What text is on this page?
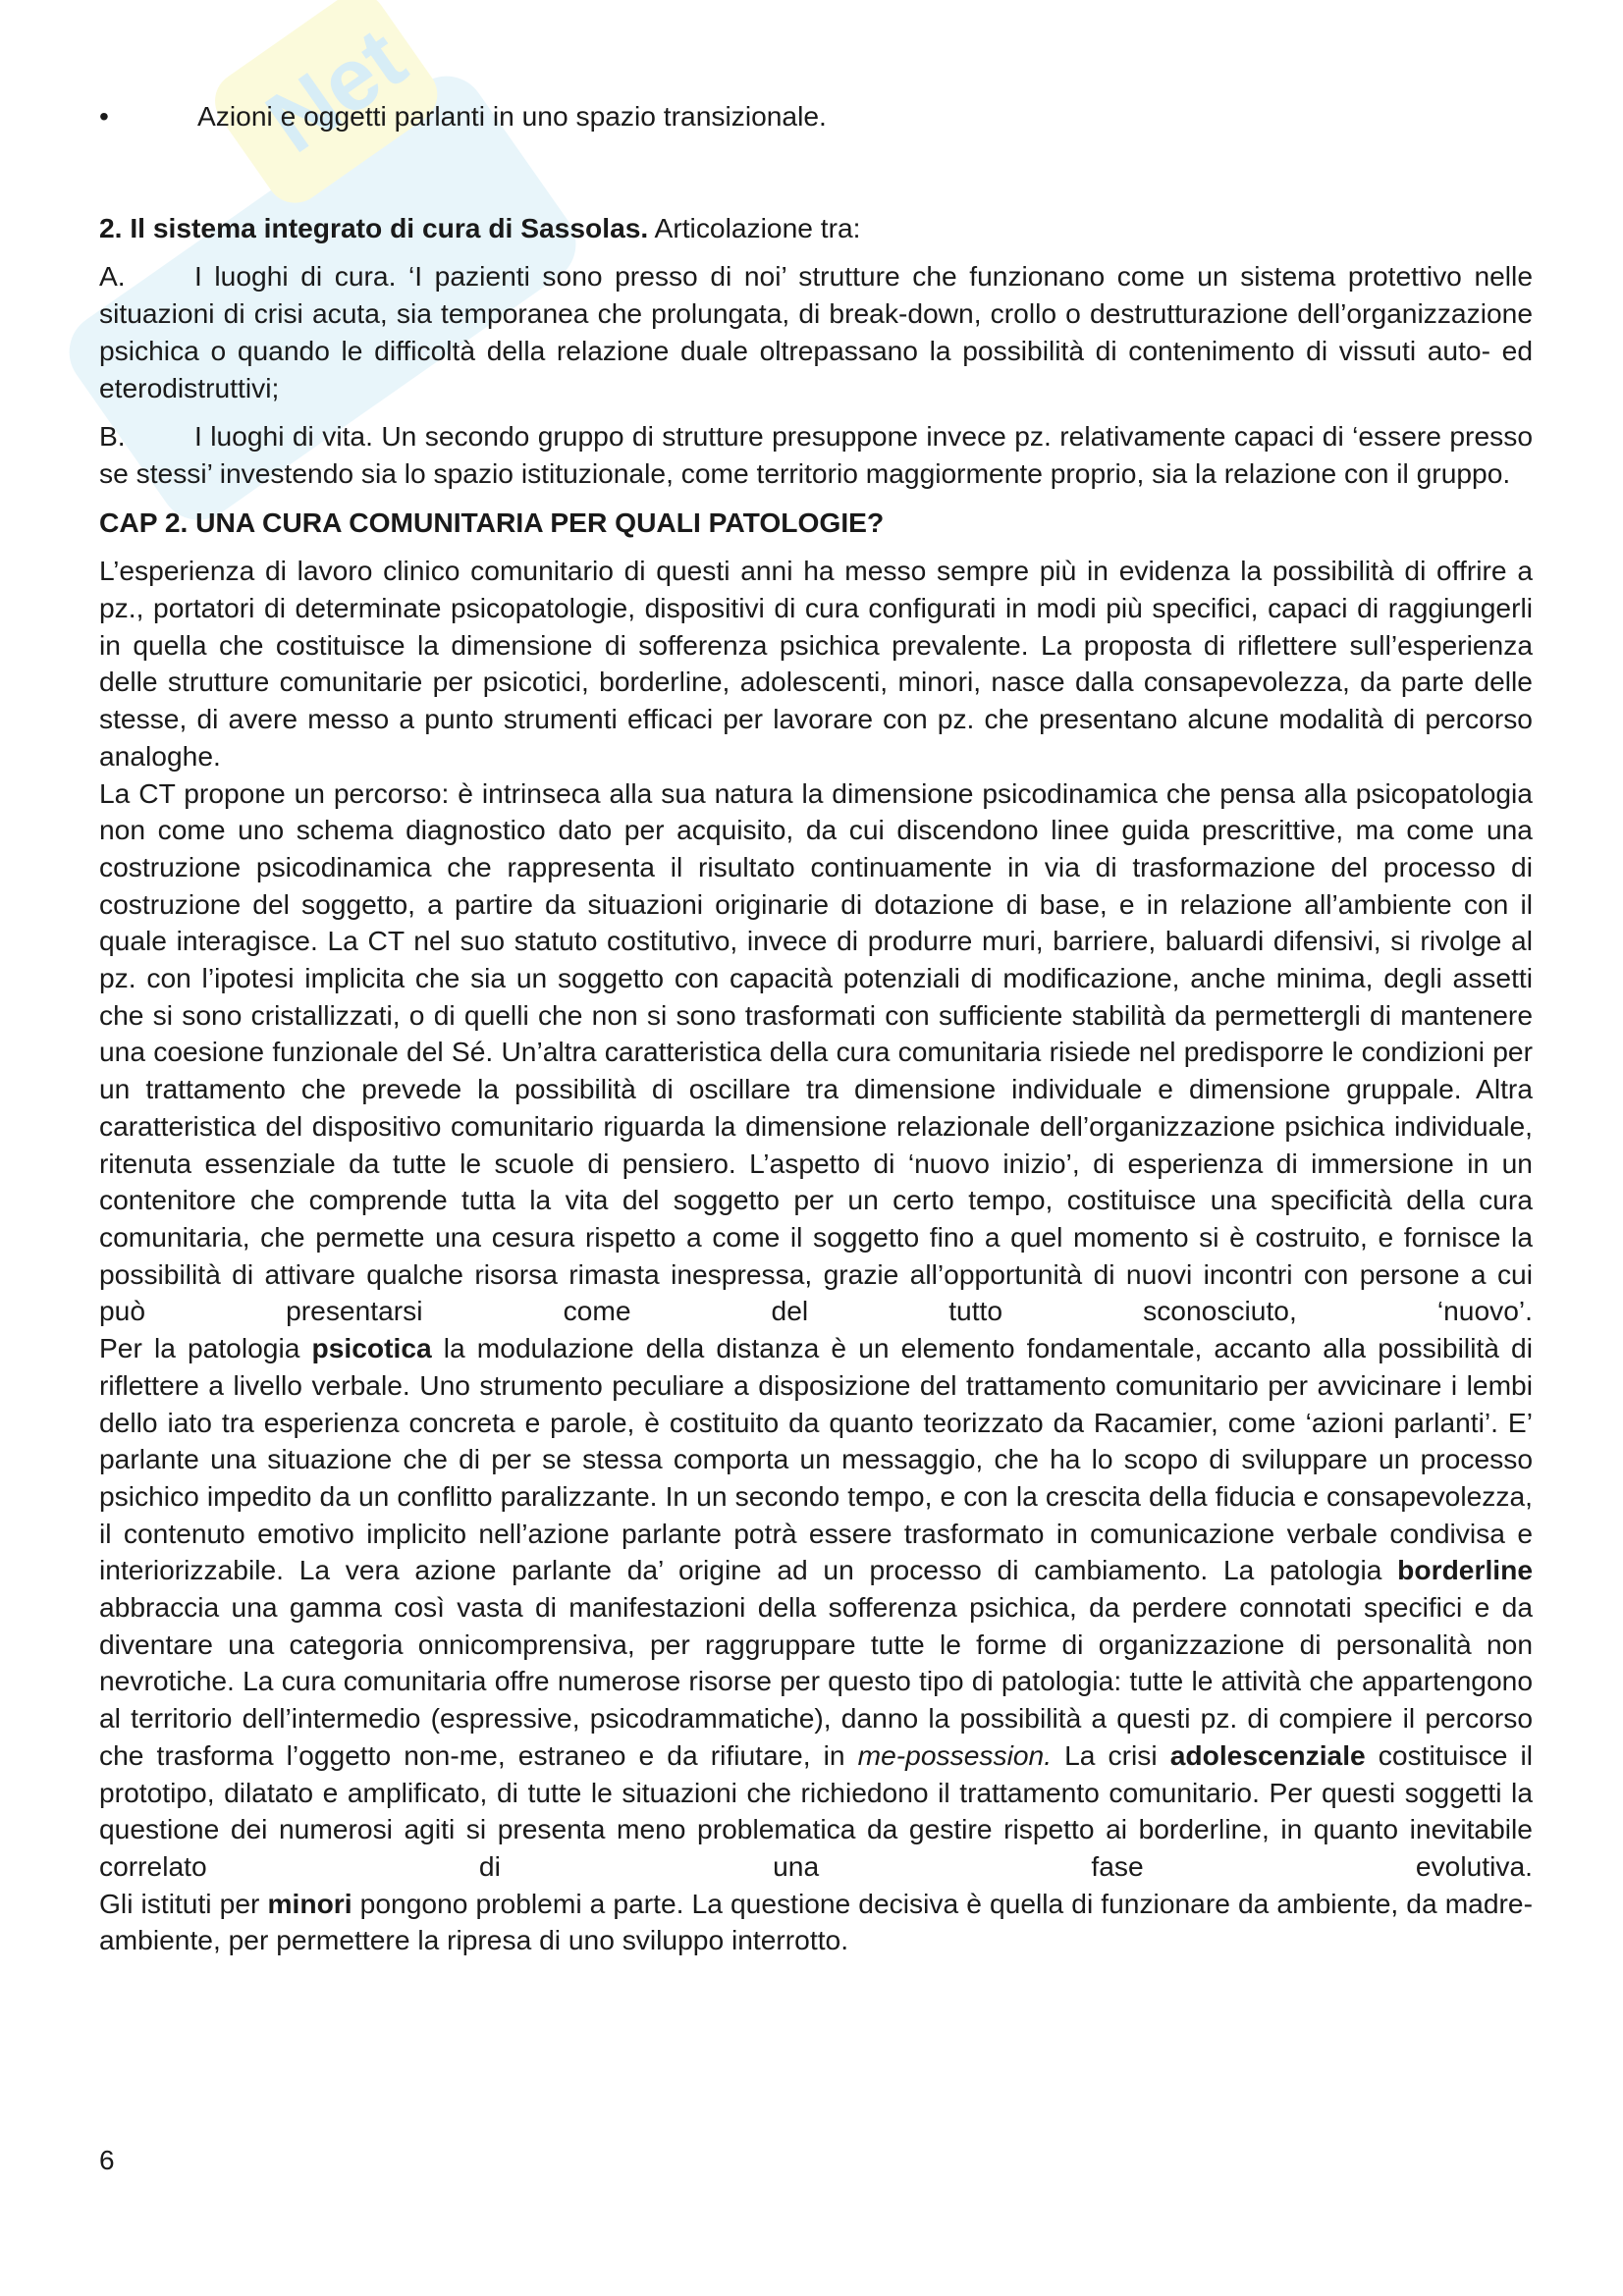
Net
•	Azioni e oggetti parlanti in uno spazio transizionale.

2. Il sistema integrato di cura di Sassolas. Articolazione tra:

A. I luoghi di cura. ‘I pazienti sono presso di noi’ strutture che funzionano come un sistema protettivo nelle situazioni di crisi acuta, sia temporanea che prolungata, di break-down, crollo o destrutturazione dell’organizzazione psichica o quando le difficoltà della relazione duale oltrepassano la possibilità di contenimento di vissuti auto- ed eterodistruttivi;

B. I luoghi di vita. Un secondo gruppo di strutture presuppone invece pz. relativamente capaci di ‘essere presso se stessi’ investendo sia lo spazio istituzionale, come territorio maggiormente proprio, sia la relazione con il gruppo.

CAP 2. UNA CURA COMUNITARIA PER QUALI PATOLOGIE?

L’esperienza di lavoro clinico comunitario di questi anni ha messo sempre più in evidenza la possibilità di offrire a pz., portatori di determinate psicopatologie, dispositivi di cura configurati in modi più specifici, capaci di raggiungerli in quella che costituisce la dimensione di sofferenza psichica prevalente. La proposta di riflettere sull’esperienza delle strutture comunitarie per psicotici, borderline, adolescenti, minori, nasce dalla consapevolezza, da parte delle stesse, di avere messo a punto strumenti efficaci per lavorare con pz. che presentano alcune modalità di percorso analoghe.

La CT propone un percorso: è intrinseca alla sua natura la dimensione psicodinamica che pensa alla psicopatologia non come uno schema diagnostico dato per acquisito, da cui discendono linee guida prescrittive, ma come una costruzione psicodinamica che rappresenta il risultato continuamente in via di trasformazione del processo di costruzione del soggetto, a partire da situazioni originarie di dotazione di base, e in relazione all’ambiente con il quale interagisce. La CT nel suo statuto costitutivo, invece di produrre muri, barriere, baluardi difensivi, si rivolge al pz. con l’ipotesi implicita che sia un soggetto con capacità potenziali di modificazione, anche minima, degli assetti che si sono cristallizzati, o di quelli che non si sono trasformati con sufficiente stabilità da permettergli di mantenere una coesione funzionale del Sé. Un’altra caratteristica della cura comunitaria risiede nel predisporre le condizioni per un trattamento che prevede la possibilità di oscillare tra dimensione individuale e dimensione gruppale. Altra caratteristica del dispositivo comunitario riguarda la dimensione relazionale dell’organizzazione psichica individuale, ritenuta essenziale da tutte le scuole di pensiero. L’aspetto di ‘nuovo inizio’, di esperienza di immersione in un contenitore che comprende tutta la vita del soggetto per un certo tempo, costituisce una specificità della cura comunitaria, che permette una cesura rispetto a come il soggetto fino a quel momento si è costruito, e fornisce la possibilità di attivare qualche risorsa rimasta inespressa, grazie all’opportunità di nuovi incontri con persone a cui può presentarsi come del tutto sconosciuto, ‘nuovo’.

Per la patologia psicotica la modulazione della distanza è un elemento fondamentale, accanto alla possibilità di riflettere a livello verbale. Uno strumento peculiare a disposizione del trattamento comunitario per avvicinare i lembi dello iato tra esperienza concreta e parole, è costituito da quanto teorizzato da Racamier, come ‘azioni parlanti’. E’ parlante una situazione che di per se stessa comporta un messaggio, che ha lo scopo di sviluppare un processo psichico impedito da un conflitto paralizzante. In un secondo tempo, e con la crescita della fiducia e consapevolezza, il contenuto emotivo implicito nell’azione parlante potrà essere trasformato in comunicazione verbale condivisa e interiorizzabile. La vera azione parlante da’ origine ad un processo di cambiamento. La patologia borderline abbraccia una gamma così vasta di manifestazioni della sofferenza psichica, da perdere connotati specifici e da diventare una categoria onnicomprensiva, per raggruppare tutte le forme di organizzazione di personalità non nevrotiche. La cura comunitaria offre numerose risorse per questo tipo di patologia: tutte le attività che appartengono al territorio dell’intermedio (espressive, psicodrammatiche), danno la possibilità a questi pz. di compiere il percorso che trasforma l’oggetto non-me, estraneo e da rifiutare, in me-possession. La crisi adolescenziale costituisce il prototipo, dilatato e amplificato, di tutte le situazioni che richiedono il trattamento comunitario. Per questi soggetti la questione dei numerosi agiti si presenta meno problematica da gestire rispetto ai borderline, in quanto inevitabile correlato di una fase evolutiva.

Gli istituti per minori pongono problemi a parte. La questione decisiva è quella di funzionare da ambiente, da madre-ambiente, per permettere la ripresa di uno sviluppo interrotto.

6
